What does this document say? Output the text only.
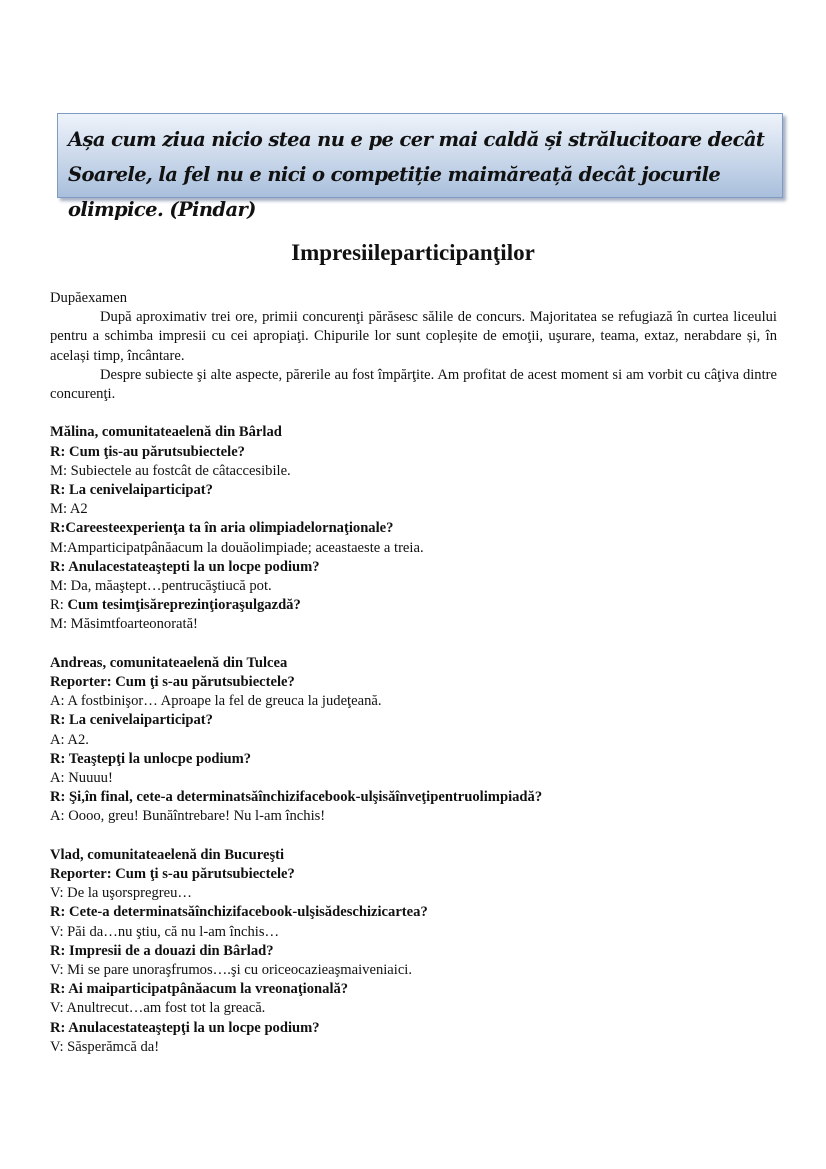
Așa cum ziua nicio stea nu e pe cer mai caldă și strălucitoare decât Soarele, la fel nu e nici o competiție maimăreață decât jocurile olimpice. (Pindar)
Impresiileparticipanţilor

Dupăexamen

După aproximativ trei ore, primii concurenţi părăsesc sălile de concurs. Majoritatea se refugiază în curtea liceului pentru a schimba impresii cu cei apropiaţi. Chipurile lor sunt copleșite de emoţii, uşurare, teama, extaz, nerabdare și, în același timp, încântare.

Despre subiecte şi alte aspecte, părerile au fost împărţite. Am profitat de acest moment si am vorbit cu câţiva dintre concurenţi.

Mălina, comunitateaelenă din Bârlad

R: Cum ţis-au părutsubiectele?

M: Subiectele au fostcât de câtaccesibile.

R: La cenivelaiparticipat?

M: A2

R:Careesteexperienţa ta în aria olimpiadelornaţionale?

M:Amparticipatpânăacum la douăolimpiade; aceastaeste a treia.

R: Anulacestateaştepti la un locpe podium?

M: Da, măaştept…pentrucăştiucă pot.

R: Cum tesimţisăreprezinţioraşulgazdă?

M: Măsimtfoarteonorată!

Andreas, comunitateaelenă din Tulcea

Reporter: Cum ţi s-au părutsubiectele?

A: A fostbinişor… Aproape la fel de greuca la judeţeană.

R: La cenivelaiparticipat?

A: A2.

R: Teaştepţi la unlocpe podium?

A: Nuuuu!

R: Şi,în final, cete-a determinatsăînchizifacebook-ulşisăînveţipentruolimpiadă?

A: Oooo, greu! Bunăîntrebare! Nu l-am închis!

Vlad, comunitateaelenă din Bucureşti

Reporter: Cum ţi s-au părutsubiectele?

V: De la uşorspregreu…

R: Cete-a determinatsăînchizifacebook-ulşisădeschizicartea?

V: Păi da…nu ştiu, că nu l-am închis…

R: Impresii de a douazi din Bârlad?

V: Mi se pare unoraşfrumos….şi cu oriceocazieaşmaiveniaici.

R: Ai maiparticipatpânăacum la vreonaţională?

V: Anultrecut…am fost tot la greacă.

R: Anulacestateaştepţi la un locpe podium?

V: Săsperămcă da!
